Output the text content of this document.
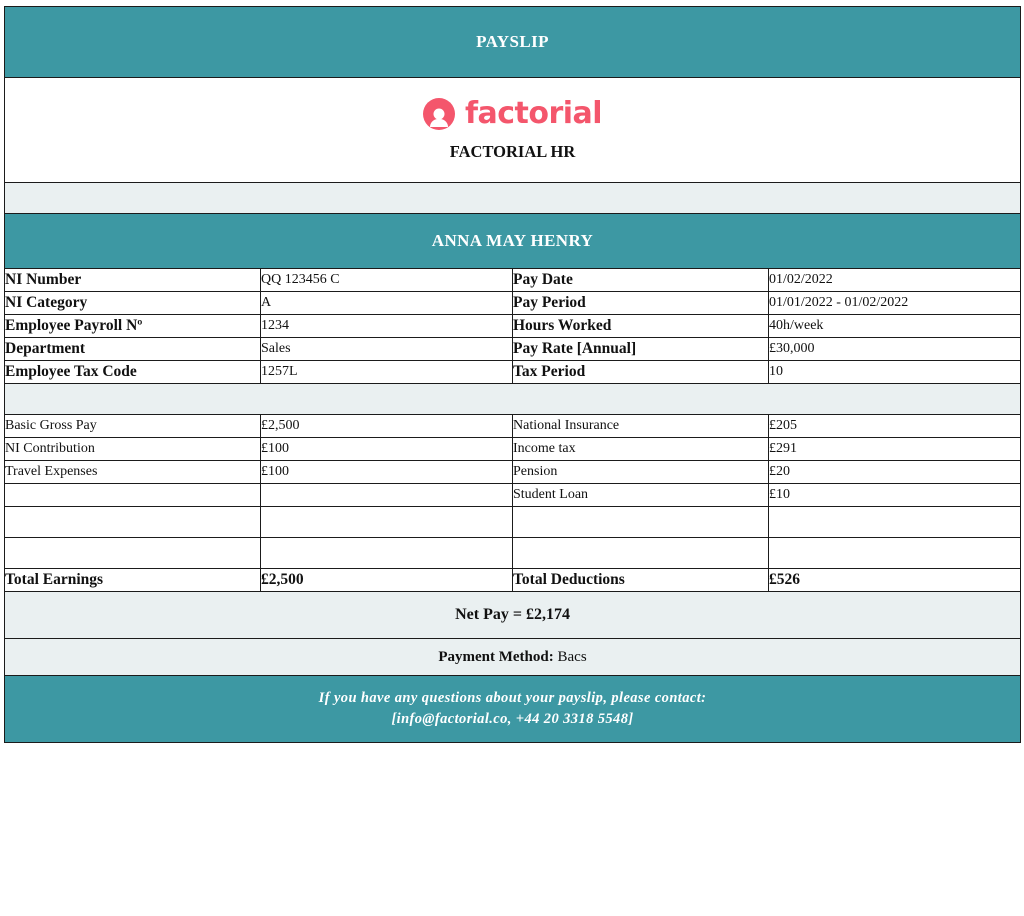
PAYSLIP			

factorial
FACTORIAL HR			

ANNA MAY HENRY			
NI Number	QQ 123456 C	Pay Date	01/02/2022
NI Category	A	Pay Period	01/01/2022 - 01/02/2022
Employee Payroll Nº	1234	Hours Worked	40h/week
Department	Sales	Pay Rate [Annual]	£30,000
Employee Tax Code	1257L	Tax Period	10

Basic Gross Pay	£2,500	National Insurance	£205
NI Contribution	£100	Income tax	£291
Travel Expenses	£100	Pension	£20
		Student Loan	£10

Total Earnings	£2,500	Total Deductions	£526
Net Pay = £2,174			
Payment Method: Bacs			

If you have any questions about your payslip, please contact:
[info@factorial.co, +44 20 3318 5548]			
